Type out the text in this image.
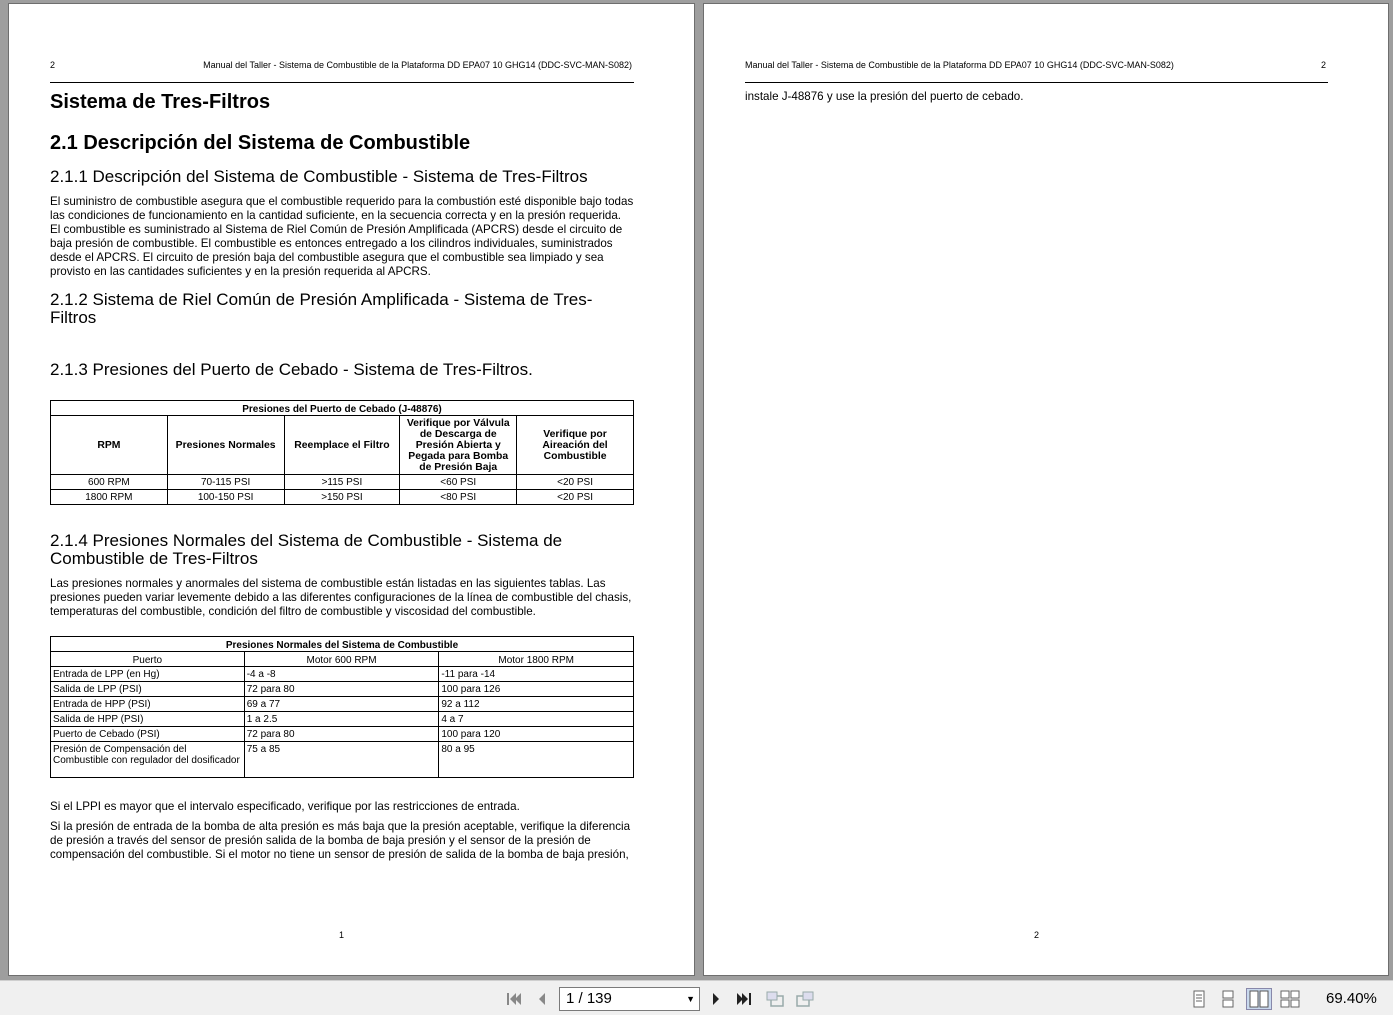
2	Manual del Taller - Sistema de Combustible de la Plataforma DD EPA07 10 GHG14 (DDC-SVC-MAN-S082)
Sistema de Tres-Filtros
2.1 Descripción del Sistema de Combustible
2.1.1 Descripción del Sistema de Combustible - Sistema de Tres-Filtros
El suministro de combustible asegura que el combustible requerido para la combustión esté disponible bajo todas las condiciones de funcionamiento en la cantidad suficiente, en la secuencia correcta y en la presión requerida. El combustible es suministrado al Sistema de Riel Común de Presión Amplificada (APCRS) desde el circuito de baja presión de combustible. El combustible es entonces entregado a los cilindros individuales, suministrados desde el APCRS. El circuito de presión baja del combustible asegura que el combustible sea limpiado y sea provisto en las cantidades suficientes y en la presión requerida al APCRS.
2.1.2 Sistema de Riel Común de Presión Amplificada - Sistema de Tres-Filtros
2.1.3 Presiones del Puerto de Cebado - Sistema de Tres-Filtros.
Presiones del Puerto de Cebado (J-48876)				
RPM	Presiones Normales	Reemplace el Filtro	Verifique por Válvula de Descarga de Presión Abierta y Pegada para Bomba de Presión Baja	Verifique por Aireación del Combustible
600 RPM	70-115 PSI	>115 PSI	<60 PSI	<20 PSI
1800 RPM	100-150 PSI	>150 PSI	<80 PSI	<20 PSI
2.1.4 Presiones Normales del Sistema de Combustible - Sistema de Combustible de Tres-Filtros
Las presiones normales y anormales del sistema de combustible están listadas en las siguientes tablas. Las presiones pueden variar levemente debido a las diferentes configuraciones de la línea de combustible del chasis, temperaturas del combustible, condición del filtro de combustible y viscosidad del combustible.
Presiones Normales del Sistema de Combustible		
Puerto	Motor 600 RPM	Motor 1800 RPM
Entrada de LPP (en Hg)	-4 a -8	-11 para -14
Salida de LPP (PSI)	72 para 80	100 para 126
Entrada de HPP (PSI)	69 a 77	92 a 112
Salida de HPP (PSI)	1 a 2.5	4 a 7
Puerto de Cebado (PSI)	72 para 80	100 para 120
Presión de Compensación del Combustible con regulador del dosificador	75 a 85	80 a 95
Si el LPPI es mayor que el intervalo especificado, verifique por las restricciones de entrada.
Si la presión de entrada de la bomba de alta presión es más baja que la presión aceptable, verifique la diferencia de presión a través del sensor de presión salida de la bomba de baja presión y el sensor de la presión de compensación del combustible. Si el motor no tiene un sensor de presión de salida de la bomba de baja presión,
1
Manual del Taller - Sistema de Combustible de la Plataforma DD EPA07 10 GHG14 (DDC-SVC-MAN-S082)	2
instale J-48876 y use la presión del puerto de cebado.
2
1 / 139	▼	69.40%
